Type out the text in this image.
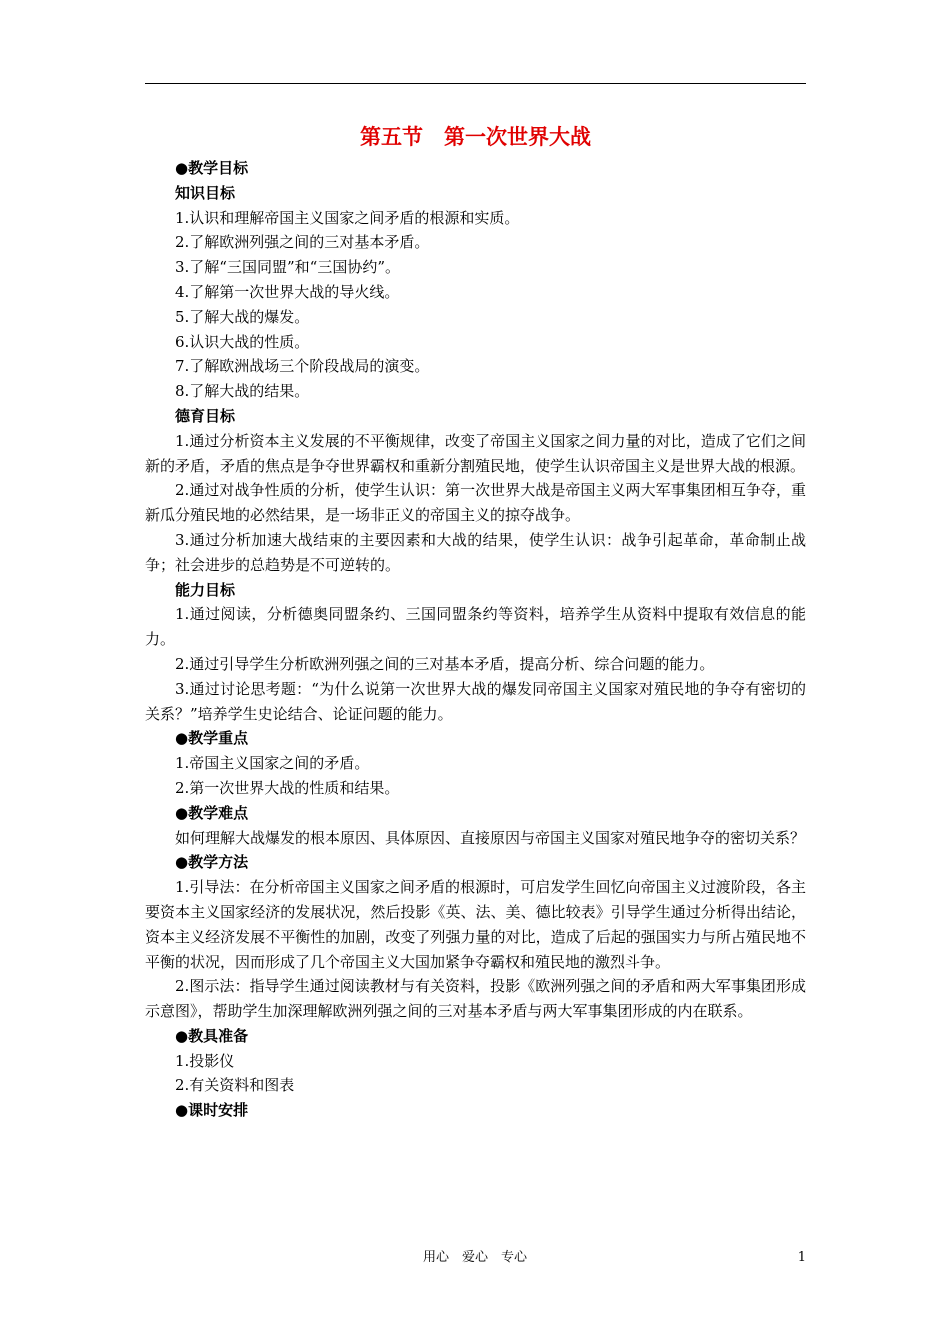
第五节　第一次世界大战
●教学目标
知识目标
1.认识和理解帝国主义国家之间矛盾的根源和实质。
2.了解欧洲列强之间的三对基本矛盾。
3.了解“三国同盟”和“三国协约”。
4.了解第一次世界大战的导火线。
5.了解大战的爆发。
6.认识大战的性质。
7.了解欧洲战场三个阶段战局的演变。
8.了解大战的结果。
德育目标
1.通过分析资本主义发展的不平衡规律，改变了帝国主义国家之间力量的对比，造成了它们之间新的矛盾，矛盾的焦点是争夺世界霸权和重新分割殖民地，使学生认识帝国主义是世界大战的根源。
2.通过对战争性质的分析，使学生认识：第一次世界大战是帝国主义两大军事集团相互争夺，重新瓜分殖民地的必然结果，是一场非正义的帝国主义的掠夺战争。
3.通过分析加速大战结束的主要因素和大战的结果，使学生认识：战争引起革命，革命制止战争；社会进步的总趋势是不可逆转的。
能力目标
1.通过阅读，分析德奥同盟条约、三国同盟条约等资料，培养学生从资料中提取有效信息的能力。
2.通过引导学生分析欧洲列强之间的三对基本矛盾，提高分析、综合问题的能力。
3.通过讨论思考题：“为什么说第一次世界大战的爆发同帝国主义国家对殖民地的争夺有密切的关系？”培养学生史论结合、论证问题的能力。
●教学重点
1.帝国主义国家之间的矛盾。
2.第一次世界大战的性质和结果。
●教学难点
如何理解大战爆发的根本原因、具体原因、直接原因与帝国主义国家对殖民地争夺的密切关系？
●教学方法
1.引导法：在分析帝国主义国家之间矛盾的根源时，可启发学生回忆向帝国主义过渡阶段，各主要资本主义国家经济的发展状况，然后投影《英、法、美、德比较表》引导学生通过分析得出结论，资本主义经济发展不平衡性的加剧，改变了列强力量的对比，造成了后起的强国实力与所占殖民地不平衡的状况，因而形成了几个帝国主义大国加紧争夺霸权和殖民地的激烈斗争。
2.图示法：指导学生通过阅读教材与有关资料，投影《欧洲列强之间的矛盾和两大军事集团形成示意图》，帮助学生加深理解欧洲列强之间的三对基本矛盾与两大军事集团形成的内在联系。
●教具准备
1.投影仪
2.有关资料和图表
●课时安排
用心　爱心　专心	1
